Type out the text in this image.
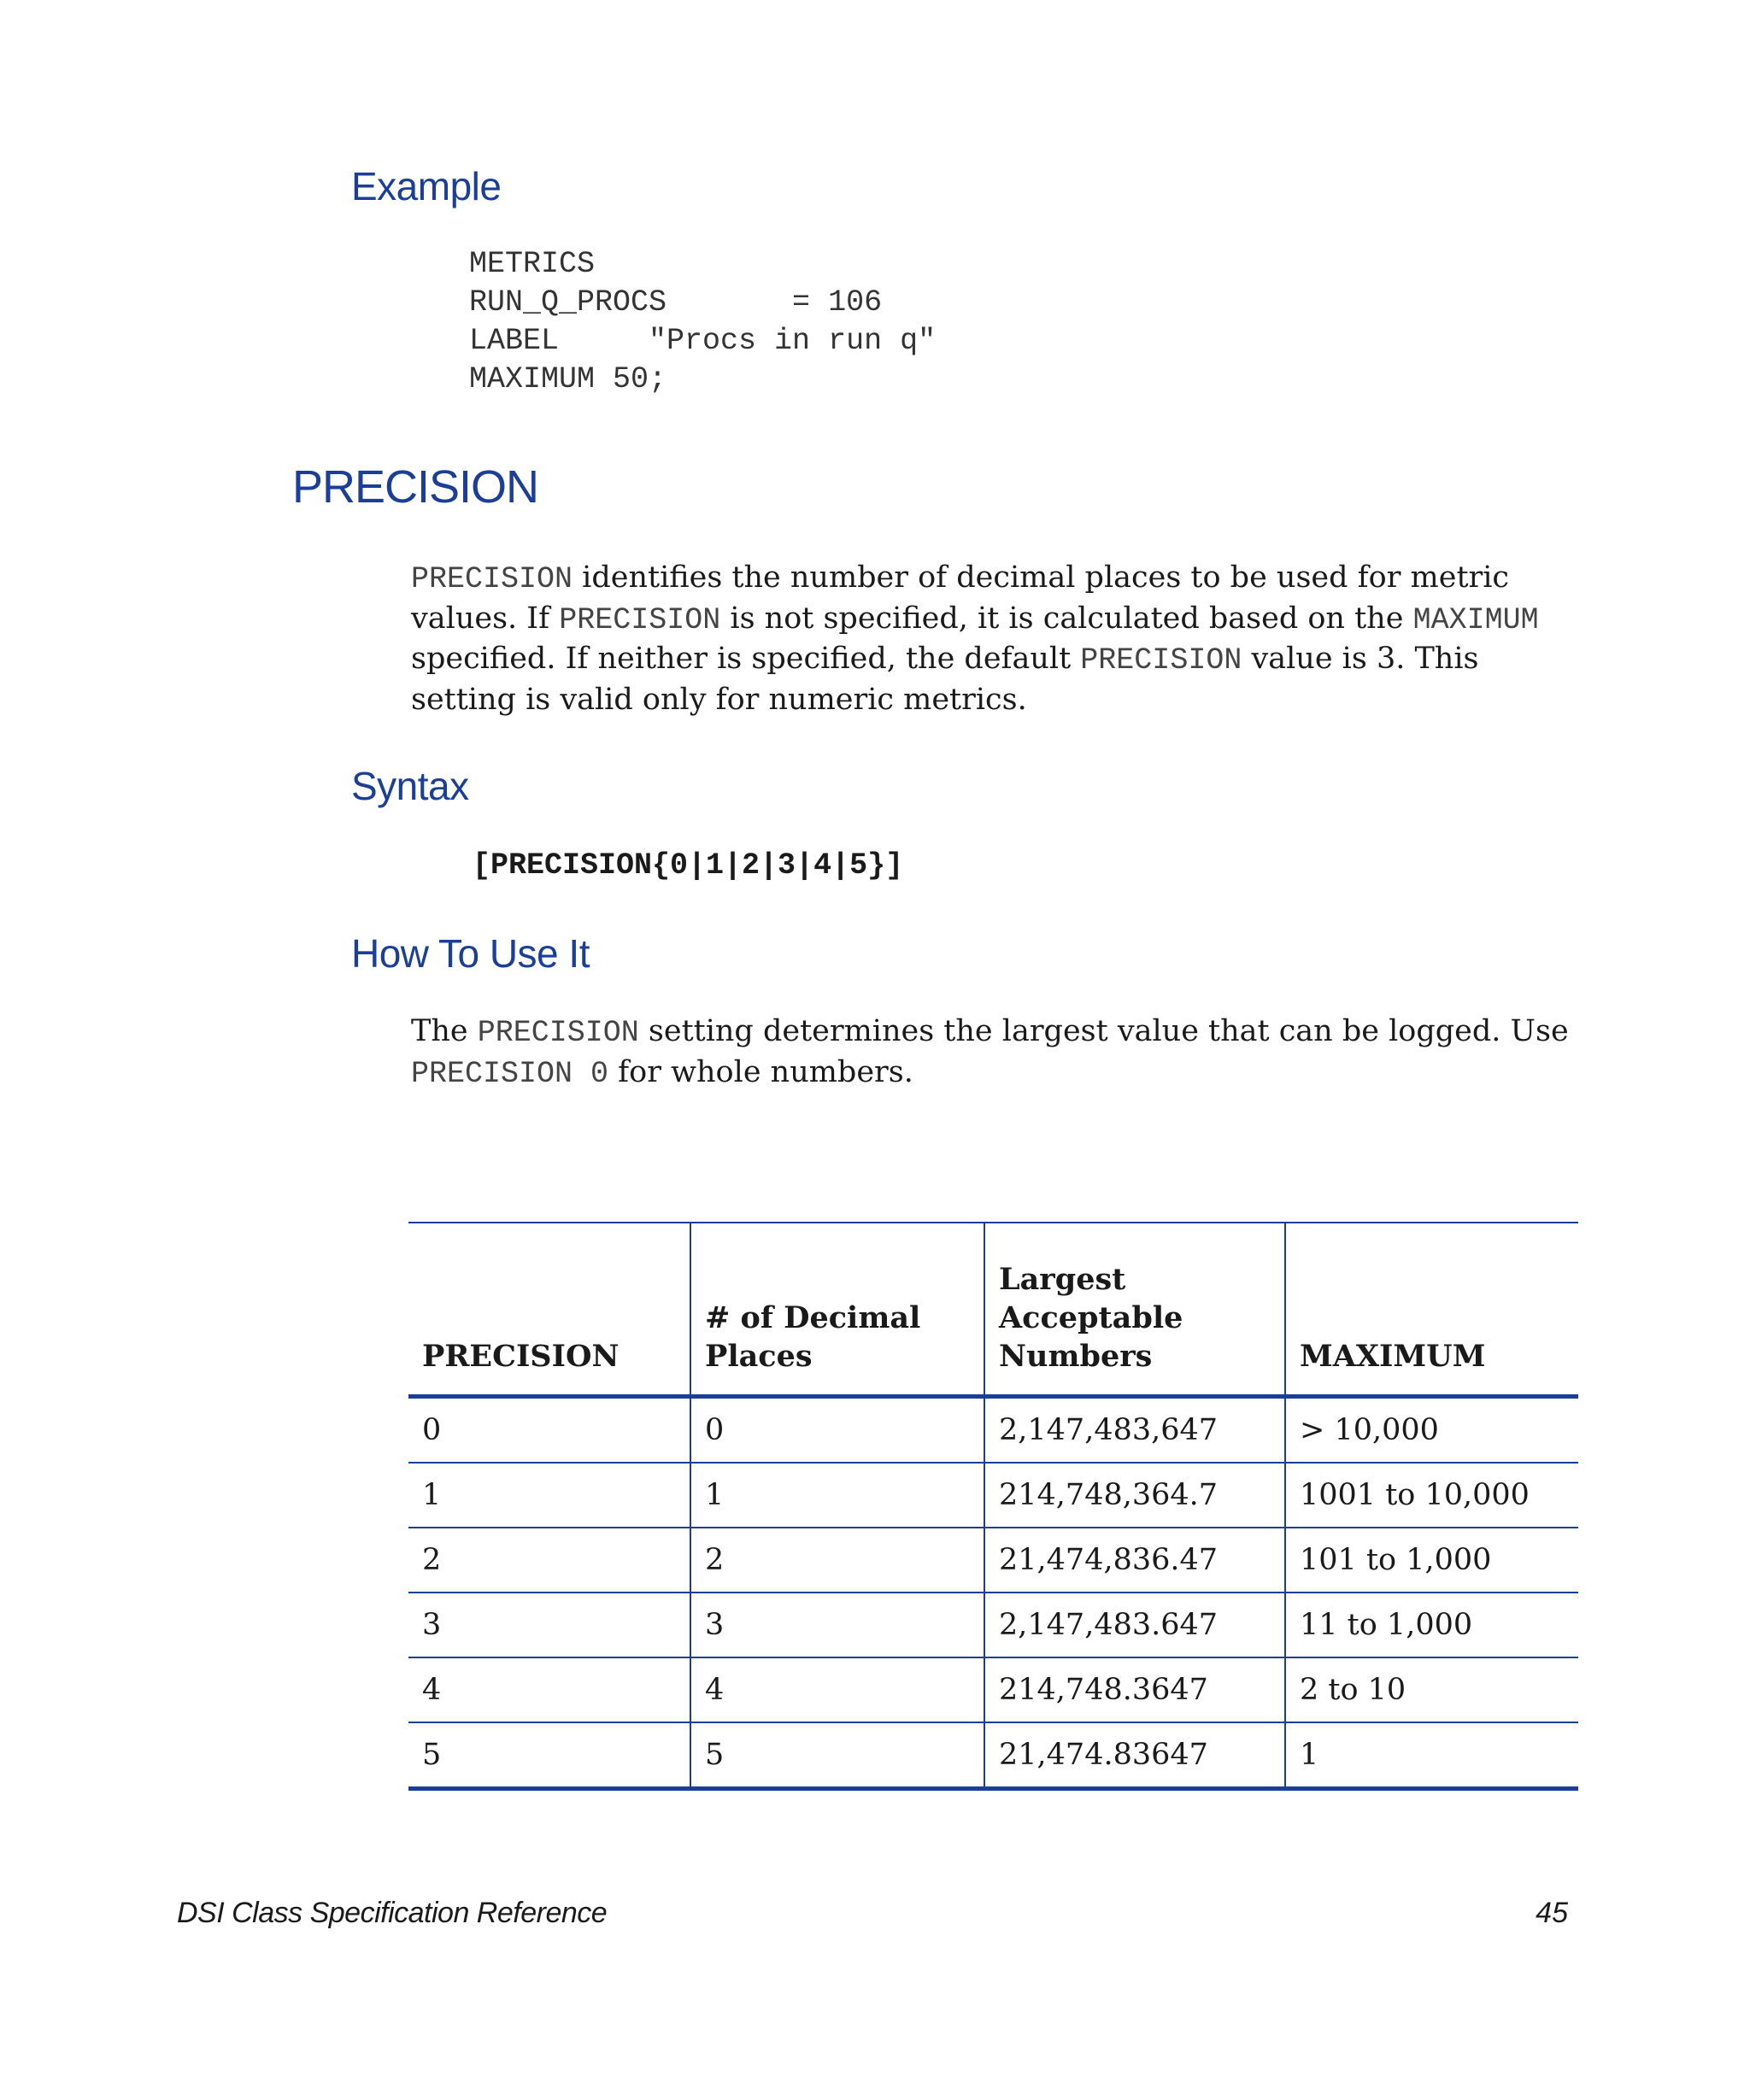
Example
METRICS
RUN_Q_PROCS       = 106
LABEL     "Procs in run q"
MAXIMUM 50;
PRECISION

PRECISION identifies the number of decimal places to be used for metric values. If PRECISION is not specified, it is calculated based on the MAXIMUM specified. If neither is specified, the default PRECISION value is 3. This setting is valid only for numeric metrics.

Syntax
[PRECISION{0|1|2|3|4|5}]
How To Use It

The PRECISION setting determines the largest value that can be logged. Use PRECISION 0 for whole numbers.

PRECISION	# of Decimal Places	Largest Acceptable Numbers	MAXIMUM
0	0	2,147,483,647	> 10,000
1	1	214,748,364.7	1001 to 10,000
2	2	21,474,836.47	101 to 1,000
3	3	2,147,483.647	11 to 1,000
4	4	214,748.3647	2 to 10
5	5	21,474.83647	1
DSI Class Specification Reference	45
